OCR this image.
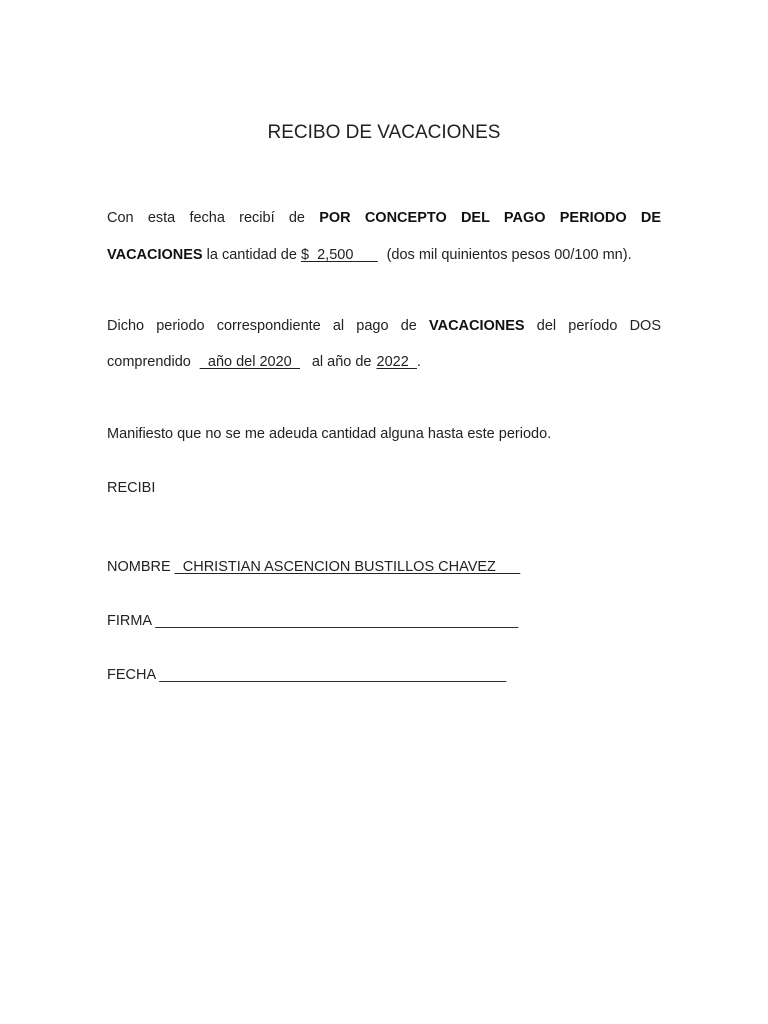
RECIBO DE VACACIONES
Con esta fecha recibí de POR CONCEPTO DEL PAGO PERIODO DE
VACACIONES la cantidad de $_2,500___ (dos mil quinientos pesos 00/100 mn).
Dicho periodo correspondiente al pago de VACACIONES del período DOS
comprendido _año del 2020_ al año de 2022_.
Manifiesto que no se me adeuda cantidad alguna hasta este periodo.
RECIBI
NOMBRE _CHRISTIAN ASCENCION BUSTILLOS CHAVEZ___
FIRMA _____________________________________________
FECHA ___________________________________________
